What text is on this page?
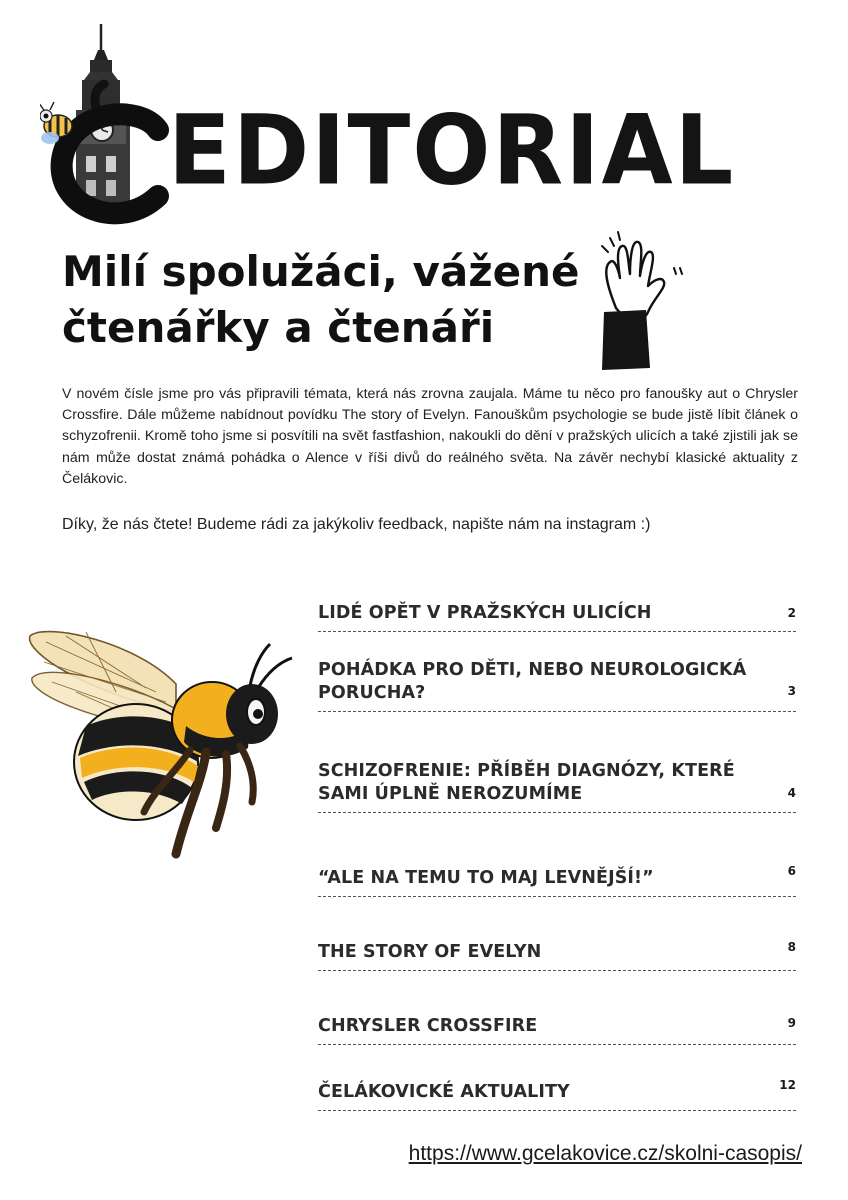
EDITORIAL
Milí spolužáci, vážené
čtenářky a čtenáři
V novém čísle jsme pro vás připravili témata, která nás zrovna zaujala. Máme tu něco pro fanoušky aut o Chrysler Crossfire. Dále můžeme nabídnout povídku The story of Evelyn. Fanouškům psychologie se bude jistě líbit článek o schyzofrenii. Kromě toho jsme si posvítili na svět fastfashion, nakoukli do dění v pražských ulicích a také zjistili jak se nám může dostat známá pohádka o Alence v říši divů do reálného světa. Na závěr nechybí klasické aktuality z Čelákovic.
Díky, že nás čtete! Budeme rádi za jakýkoliv feedback, napište nám na instagram :)
LIDÉ OPĚT V PRAŽSKÝCH ULICÍCH	2
POHÁDKA PRO DĚTI, NEBO NEUROLOGICKÁ PORUCHA?	3
SCHIZOFRENIE: PŘÍBĚH DIAGNÓZY, KTERÉ SAMI ÚPLNĚ NEROZUMÍME	4
“ALE NA TEMU TO MAJ LEVNĚJŠÍ!”	6
THE STORY OF EVELYN	8
CHRYSLER CROSSFIRE	9
ČELÁKOVICKÉ AKTUALITY	12
https://www.gcelakovice.cz/skolni-casopis/
